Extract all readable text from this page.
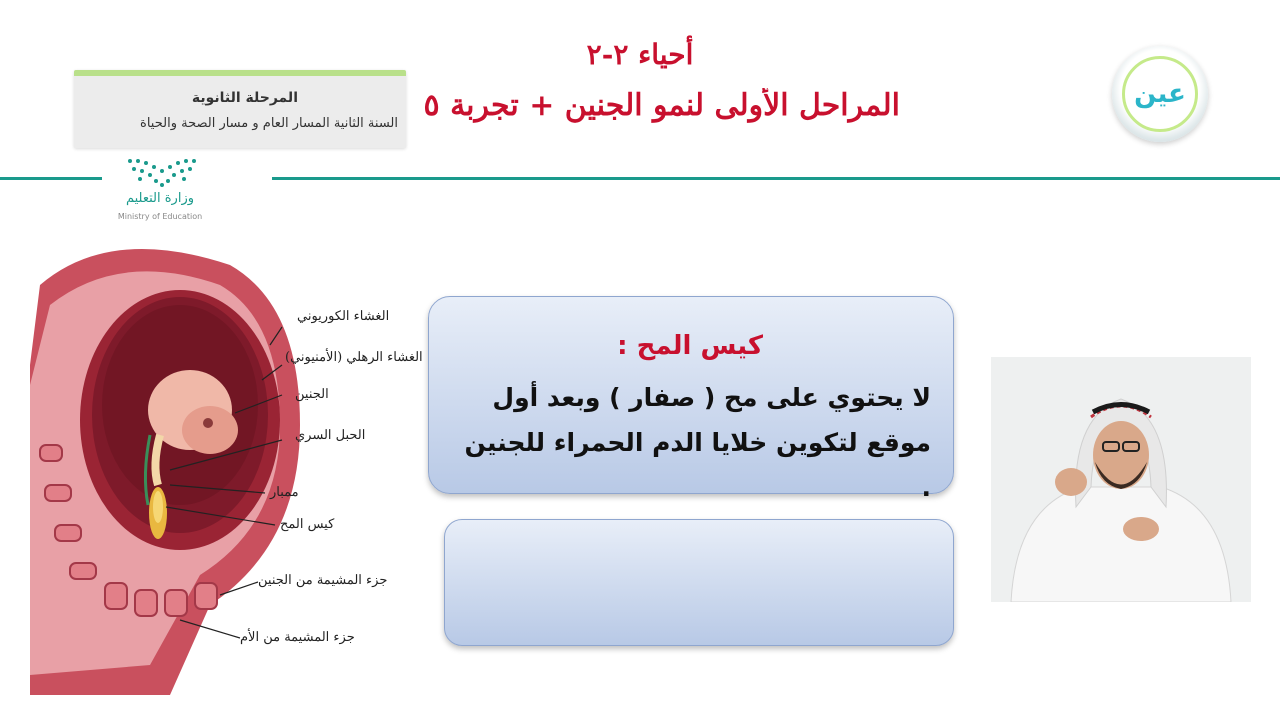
المرحلة الثانوية
السنة الثانية المسار العام و مسار الصحة والحياة
أحياء ٢-٢
المراحل الأولى لنمو الجنين + تجربة ٥
وزارة التعليم
Ministry of Education
عين
الغشاء الكوريوني
الغشاء الرهلي (الأمنيوني)
الجنين
الحبل السري
ممبار
كيس المح
جزء المشيمة من الجنين
جزء المشيمة من الأم
كيس المح :
لا يحتوي على مح ( صفار ) وبعد أول موقع لتكوين خلايا الدم الحمراء للجنين .
